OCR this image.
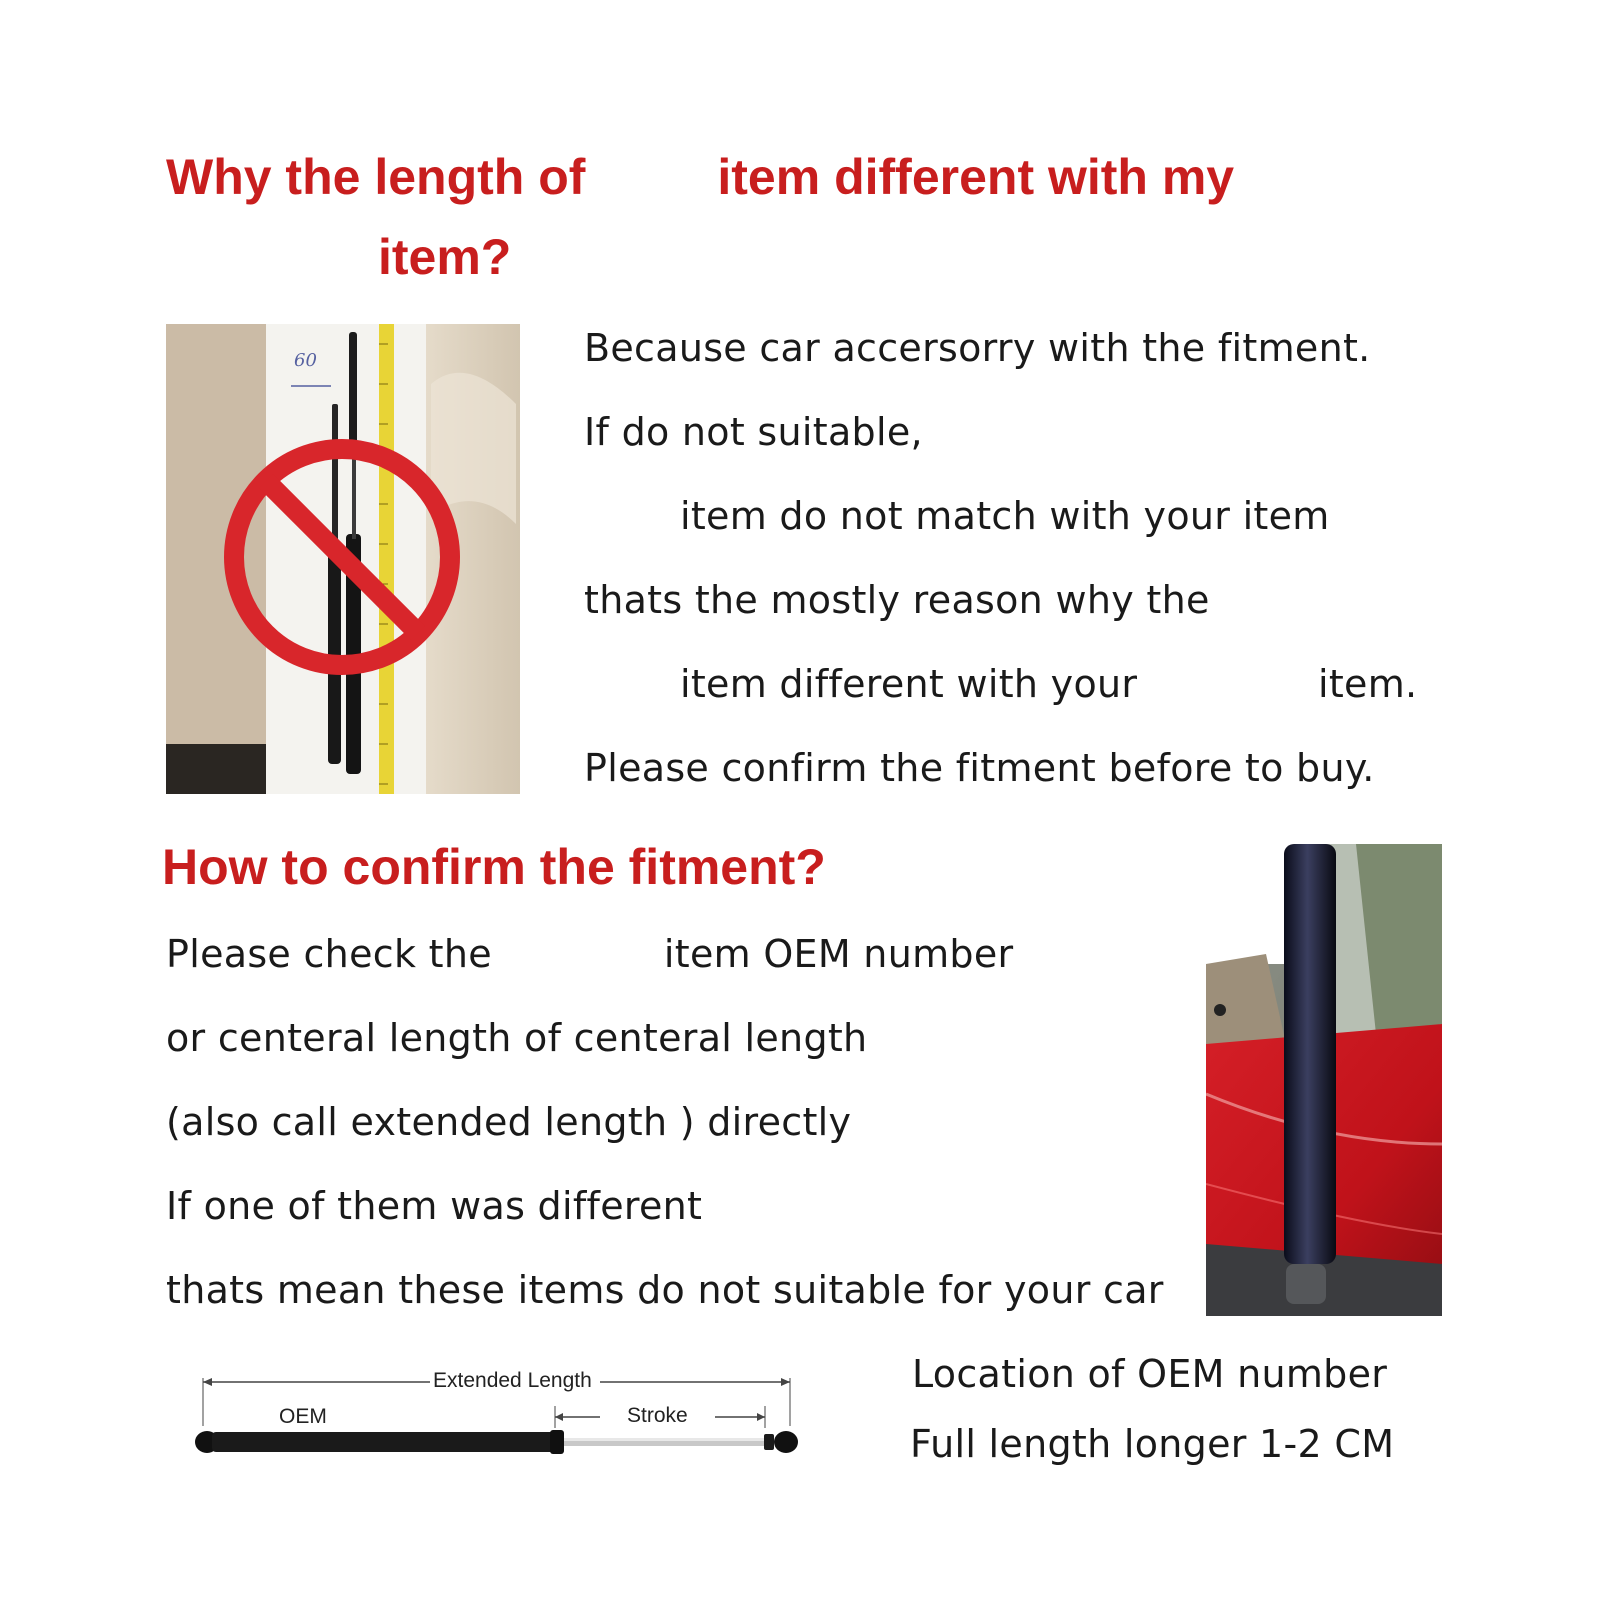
Why the length of	item different with my
item?
60	Because car accersorry with the fitment.
If do not suitable,
item do not match with your item
thats the mostly reason why the
item different with your	item.
Please confirm the fitment before to buy.
How to confirm the fitment?
Please check the	item OEM number
or centeral length of centeral length
(also call extended length ) directly
If one of them was different
thats mean these items do not suitable for your car
Extended Length
OEM	Stroke
Location of OEM number
Full length longer 1-2 CM
